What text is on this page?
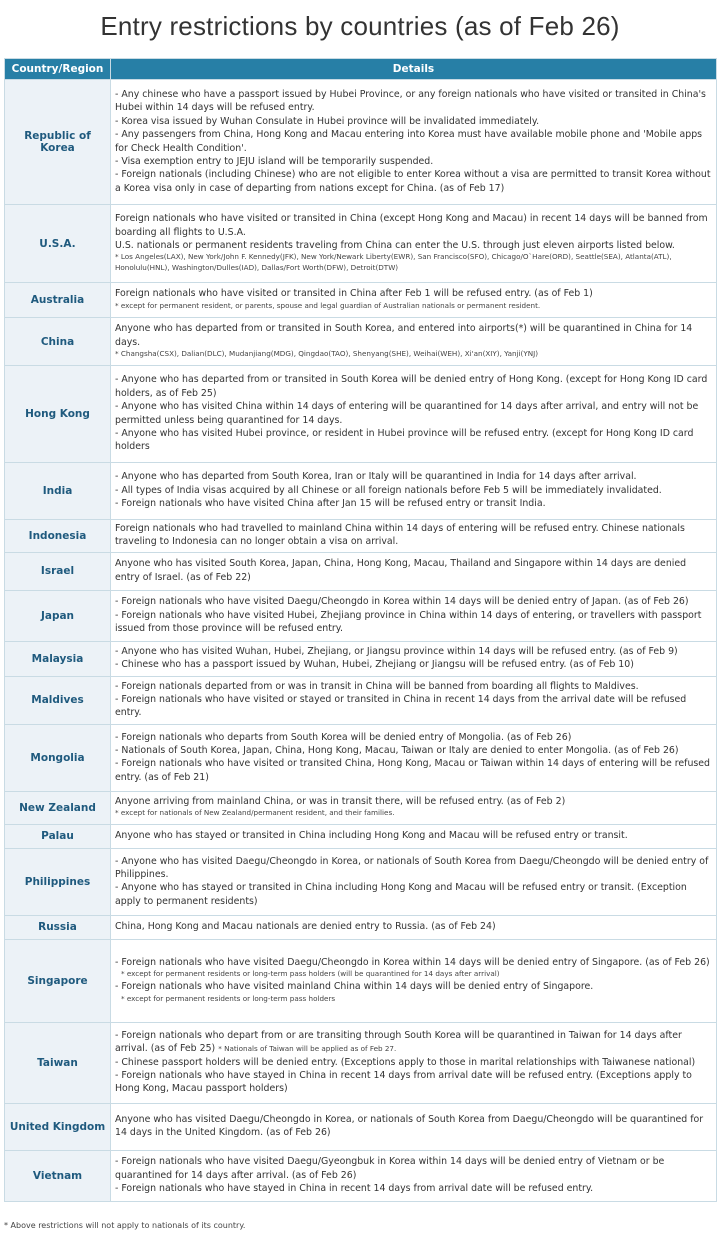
Entry restrictions by countries (as of Feb 26)
Country/Region	Details
Republic of Korea	- Any chinese who have a passport issued by Hubei Province, or any foreign nationals who have visited or transited in China's Hubei within 14 days will be refused entry.
- Korea visa issued by Wuhan Consulate in Hubei province will be invalidated immediately.
- Any passengers from China, Hong Kong and Macau entering into Korea must have available mobile phone and 'Mobile apps for Check Health Condition'.
- Visa exemption entry to JEJU island will be temporarily suspended.
- Foreign nationals (including Chinese) who are not eligible to enter Korea without a visa are permitted to transit Korea without a Korea visa only in case of departing from nations except for China. (as of Feb 17)

U.S.A.	Foreign nationals who have visited or transited in China (except Hong Kong and Macau) in recent 14 days will be banned from boarding all flights to U.S.A.
U.S. nationals or permanent residents traveling from China can enter the U.S. through just eleven airports listed below.
* Los Angeles(LAX), New York/John F. Kennedy(JFK), New York/Newark Liberty(EWR), San Francisco(SFO), Chicago/O`Hare(ORD), Seattle(SEA), Atlanta(ATL), Honolulu(HNL), Washington/Dulles(IAD), Dallas/Fort Worth(DFW), Detroit(DTW)

Australia	Foreign nationals who have visited or transited in China after Feb 1 will be refused entry. (as of Feb 1)
* except for permanent resident, or parents, spouse and legal guardian of Australian nationals or permanent resident.

China	Anyone who has departed from or transited in South Korea, and entered into airports(*) will be quarantined in China for 14 days.
* Changsha(CSX), Dalian(DLC), Mudanjiang(MDG), Qingdao(TAO), Shenyang(SHE), Weihai(WEH), Xi'an(XIY), Yanji(YNJ)

Hong Kong	- Anyone who has departed from or transited in South Korea will be denied entry of Hong Kong. (except for Hong Kong ID card holders, as of Feb 25)
- Anyone who has visited China within 14 days of entering will be quarantined for 14 days after arrival, and entry will not be permitted unless being quarantined for 14 days.
- Anyone who has visited Hubei province, or resident in Hubei province will be refused entry. (except for Hong Kong ID card holders

India	- Anyone who has departed from South Korea, Iran or Italy will be quarantined in India for 14 days after arrival.
- All types of India visas acquired by all Chinese or all foreign nationals before Feb 5 will be immediately invalidated.
- Foreign nationals who have visited China after Jan 15 will be refused entry or transit India.

Indonesia	Foreign nationals who had travelled to mainland China within 14 days of entering will be refused entry. Chinese nationals traveling to Indonesia can no longer obtain a visa on arrival.

Israel	Anyone who has visited South Korea, Japan, China, Hong Kong, Macau, Thailand and Singapore within 14 days are denied entry of Israel. (as of Feb 22)

Japan	- Foreign nationals who have visited Daegu/Cheongdo in Korea within 14 days will be denied entry of Japan. (as of Feb 26)
- Foreign nationals who have visited Hubei, Zhejiang province in China within 14 days of entering, or travellers with passport issued from those province will be refused entry.

Malaysia	- Anyone who has visited Wuhan, Hubei, Zhejiang, or Jiangsu province within 14 days will be refused entry. (as of Feb 9)
- Chinese who has a passport issued by Wuhan, Hubei, Zhejiang or Jiangsu will be refused entry. (as of Feb 10)

Maldives	- Foreign nationals departed from or was in transit in China will be banned from boarding all flights to Maldives.
- Foreign nationals who have visited or stayed or transited in China in recent 14 days from the arrival date will be refused entry.

Mongolia	- Foreign nationals who departs from South Korea will be denied entry of Mongolia. (as of Feb 26)
- Nationals of South Korea, Japan, China, Hong Kong, Macau, Taiwan or Italy are denied to enter Mongolia. (as of Feb 26)
- Foreign nationals who have visited or transited China, Hong Kong, Macau or Taiwan within 14 days of entering will be refused entry. (as of Feb 21)

New Zealand	Anyone arriving from mainland China, or was in transit there, will be refused entry. (as of Feb 2)
* except for nationals of New Zealand/permanent resident, and their families.

Palau	Anyone who has stayed or transited in China including Hong Kong and Macau will be refused entry or transit.

Philippines	- Anyone who has visited Daegu/Cheongdo in Korea, or nationals of South Korea from Daegu/Cheongdo will be denied entry of Philippines.
- Anyone who has stayed or transited in China including Hong Kong and Macau will be refused entry or transit. (Exception apply to permanent residents)

Russia	China, Hong Kong and Macau nationals are denied entry to Russia. (as of Feb 24)

Singapore	- Foreign nationals who have visited Daegu/Cheongdo in Korea within 14 days will be denied entry of Singapore. (as of Feb 26)
* except for permanent residents or long-term pass holders (will be quarantined for 14 days after arrival)
- Foreign nationals who have visited mainland China within 14 days will be denied entry of Singapore.
* except for permanent residents or long-term pass holders

Taiwan	- Foreign nationals who depart from or are transiting through South Korea will be quarantined in Taiwan for 14 days after arrival. (as of Feb 25) * Nationals of Taiwan will be applied as of Feb 27.
- Chinese passport holders will be denied entry. (Exceptions apply to those in marital relationships with Taiwanese national)
- Foreign nationals who have stayed in China in recent 14 days from arrival date will be refused entry. (Exceptions apply to Hong Kong, Macau passport holders)

United Kingdom	Anyone who has visited Daegu/Cheongdo in Korea, or nationals of South Korea from Daegu/Cheongdo will be quarantined for 14 days in the United Kingdom. (as of Feb 26)

Vietnam	- Foreign nationals who have visited Daegu/Gyeongbuk in Korea within 14 days will be denied entry of Vietnam or be quarantined for 14 days after arrival. (as of Feb 26)
- Foreign nationals who have stayed in China in recent 14 days from arrival date will be refused entry.
* Above restrictions will not apply to nationals of its country.
